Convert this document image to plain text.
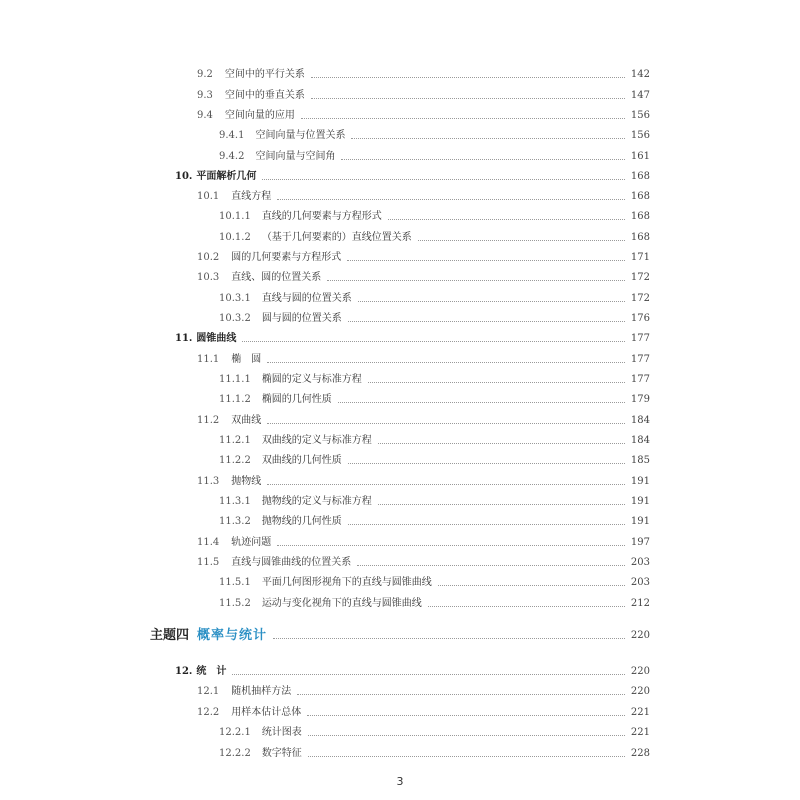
9.2 空间中的平行关系	142
9.3 空间中的垂直关系	147
9.4 空间向量的应用	156
9.4.1 空间向量与位置关系	156
9.4.2 空间向量与空间角	161
10. 平面解析几何	168
10.1 直线方程	168
10.1.1 直线的几何要素与方程形式	168
10.1.2 （基于几何要素的）直线位置关系	168
10.2 圆的几何要素与方程形式	171
10.3 直线、圆的位置关系	172
10.3.1 直线与圆的位置关系	172
10.3.2 圆与圆的位置关系	176
11. 圆锥曲线	177
11.1 椭　圆	177
11.1.1 椭圆的定义与标准方程	177
11.1.2 椭圆的几何性质	179
11.2 双曲线	184
11.2.1 双曲线的定义与标准方程	184
11.2.2 双曲线的几何性质	185
11.3 抛物线	191
11.3.1 抛物线的定义与标准方程	191
11.3.2 抛物线的几何性质	191
11.4 轨迹问题	197
11.5 直线与圆锥曲线的位置关系	203
11.5.1 平面几何图形视角下的直线与圆锥曲线	203
11.5.2 运动与变化视角下的直线与圆锥曲线	212
主题四 概率与统计	220
12. 统　计	220
12.1 随机抽样方法	220
12.2 用样本估计总体	221
12.2.1 统计图表	221
12.2.2 数字特征	228
3
